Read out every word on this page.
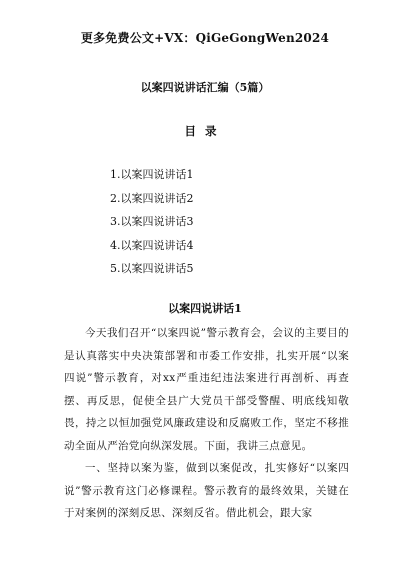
更多免费公文+VX：QiGeGongWen2024
以案四说讲话汇编（5篇）
目录
1.以案四说讲话1
2.以案四说讲话2
3.以案四说讲话3
4.以案四说讲话4
5.以案四说讲话5
以案四说讲话1

今天我们召开“以案四说”警示教育会，会议的主要目的是认真落实中央决策部署和市委工作安排，扎实开展“以案四说”警示教育，对xx严重违纪违法案进行再剖析、再查摆、再反思，促使全县广大党员干部受警醒、明底线知敬畏，持之以恒加强党风廉政建设和反腐败工作，坚定不移推动全面从严治党向纵深发展。下面，我讲三点意见。

一、坚持以案为鉴，做到以案促改，扎实修好“以案四说”警示教育这门必修课程。警示教育的最终效果，关键在于对案例的深刻反思、深刻反省。借此机会，跟大家
